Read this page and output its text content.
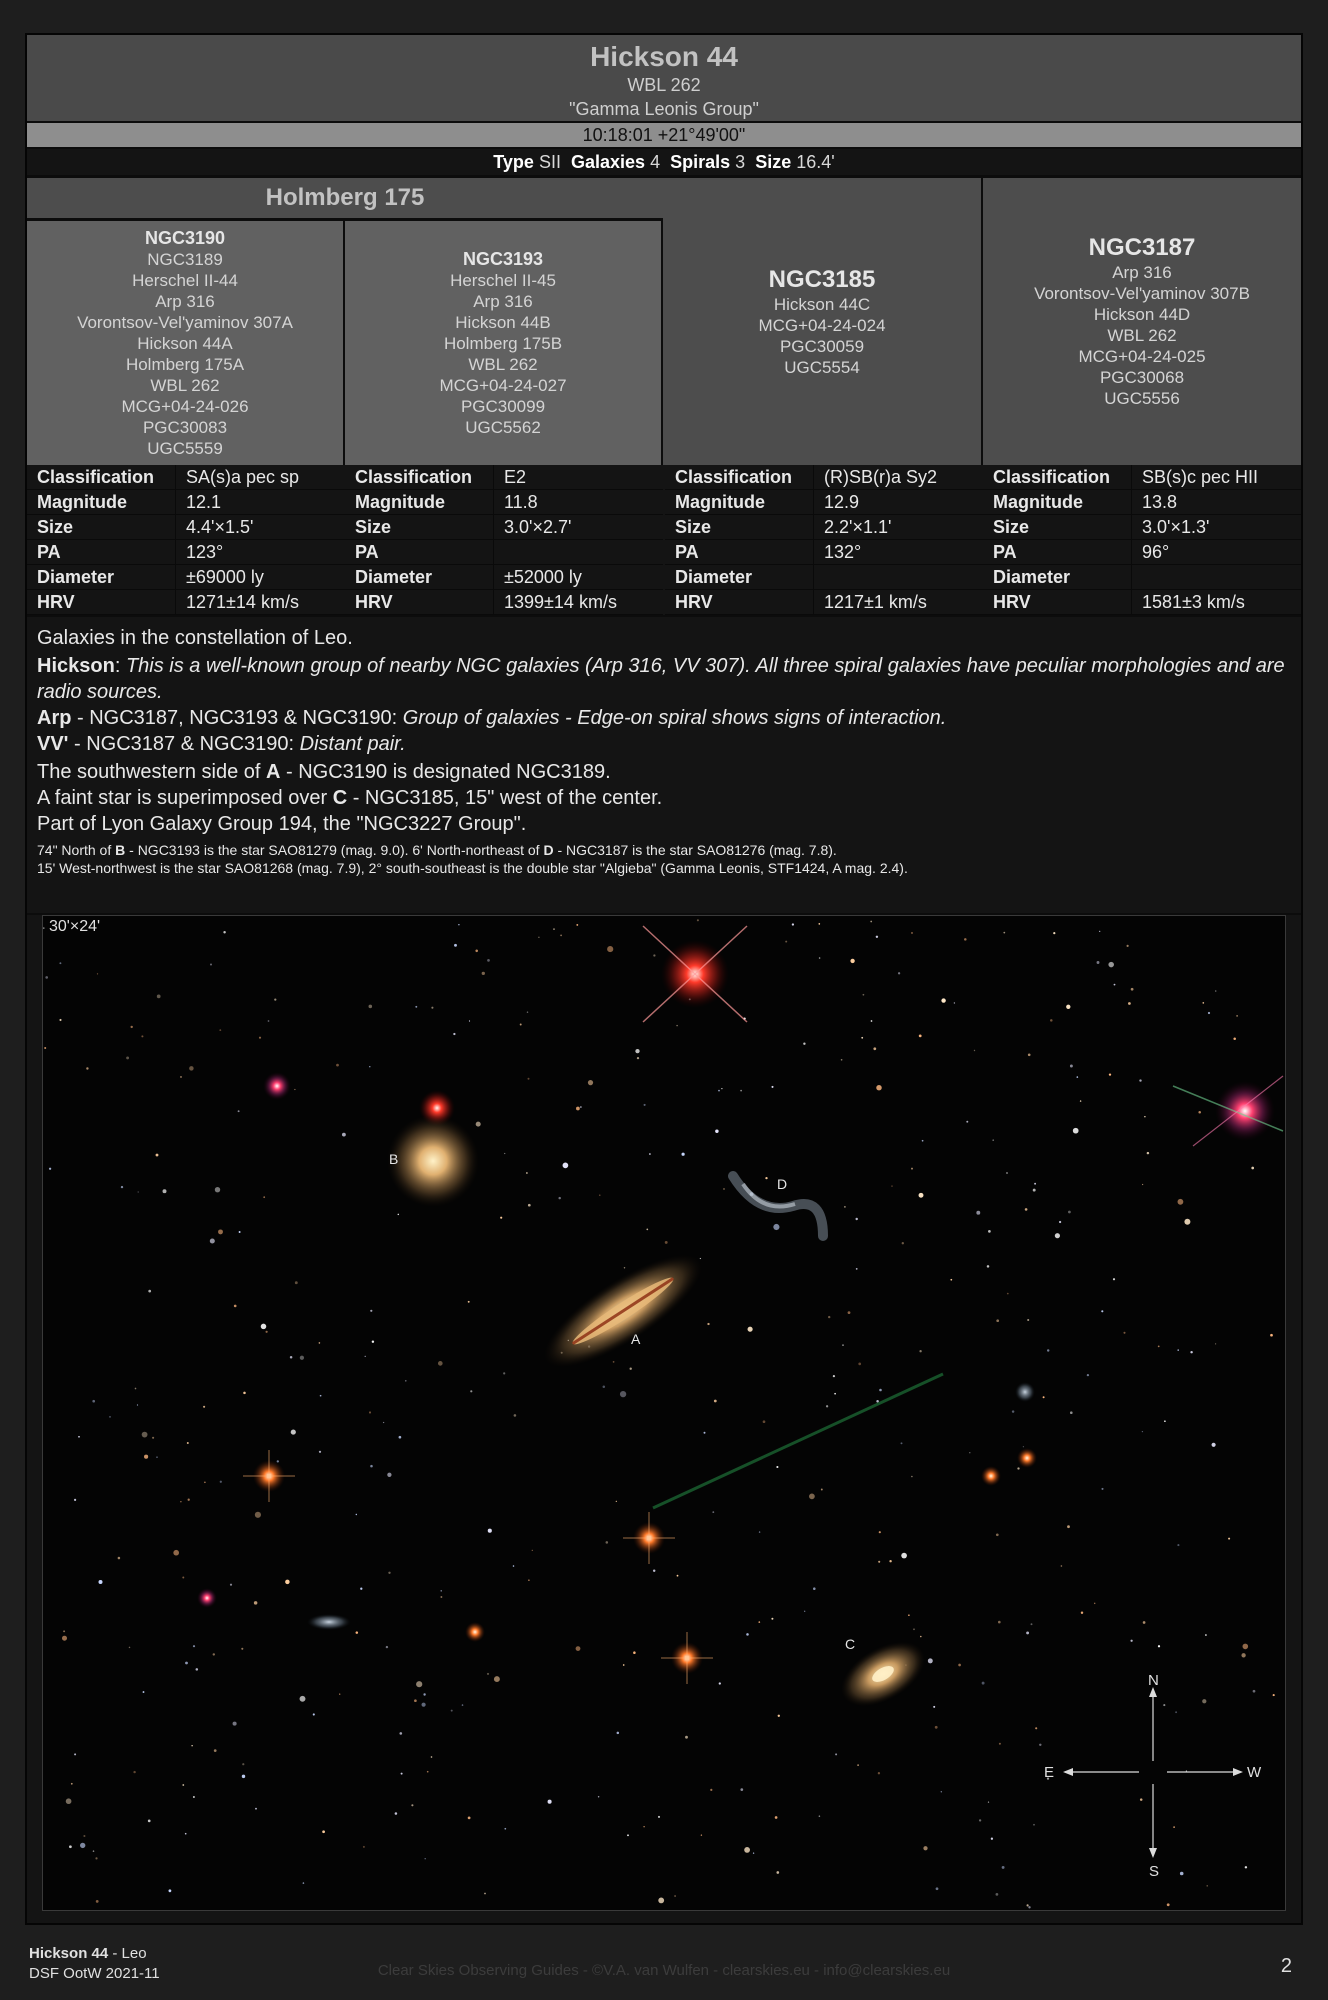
Hickson 44
WBL 262
"Gamma Leonis Group"
10:18:01 +21°49'00"
Type SII Galaxies 4 Spirals 3 Size 16.4'
Holmberg 175
NGC3190
NGC3189
Herschel II-44
Arp 316
Vorontsov-Vel'yaminov 307A
Hickson 44A
Holmberg 175A
WBL 262
MCG+04-24-026
PGC30083
UGC5559
NGC3193
Herschel II-45
Arp 316
Hickson 44B
Holmberg 175B
WBL 262
MCG+04-24-027
PGC30099
UGC5562
NGC3185
Hickson 44C
MCG+04-24-024
PGC30059
UGC5554
NGC3187
Arp 316
Vorontsov-Vel'yaminov 307B
Hickson 44D
WBL 262
MCG+04-24-025
PGC30068
UGC5556
Classification	SA(s)a pec sp
Magnitude	12.1
Size	4.4'×1.5'
PA	123°
Diameter	±69000 ly
HRV	1271±14 km/s
Classification	E2
Magnitude	11.8
Size	3.0'×2.7'
PA	
Diameter	±52000 ly
HRV	1399±14 km/s
Classification	(R)SB(r)a Sy2
Magnitude	12.9
Size	2.2'×1.1'
PA	132°
Diameter	
HRV	1217±1 km/s
Classification	SB(s)c pec HII
Magnitude	13.8
Size	3.0'×1.3'
PA	96°
Diameter	
HRV	1581±3 km/s

Galaxies in the constellation of Leo.

Hickson: This is a well-known group of nearby NGC galaxies (Arp 316, VV 307). All three spiral galaxies have peculiar morphologies and are radio sources.

Arp - NGC3187, NGC3193 & NGC3190: Group of galaxies - Edge-on spiral shows signs of interaction.

VV' - NGC3187 & NGC3190: Distant pair.

The southwestern side of A - NGC3190 is designated NGC3189.

A faint star is superimposed over C - NGC3185, 15" west of the center.

Part of Lyon Galaxy Group 194, the "NGC3227 Group".

74" North of B - NGC3193 is the star SAO81279 (mag. 9.0). 6' North-northeast of D - NGC3187 is the star SAO81276 (mag. 7.8).

15' West-northwest is the star SAO81268 (mag. 7.9), 2° south-southeast is the double star "Algieba" (Gamma Leonis, STF1424, A mag. 2.4).

B
A
C
D
N
S
E	W
30'×24'
Hickson 44 - Leo
DSF OotW 2021-11	Clear Skies Observing Guides - ©V.A. van Wulfen - clearskies.eu - info@clearskies.eu	2
